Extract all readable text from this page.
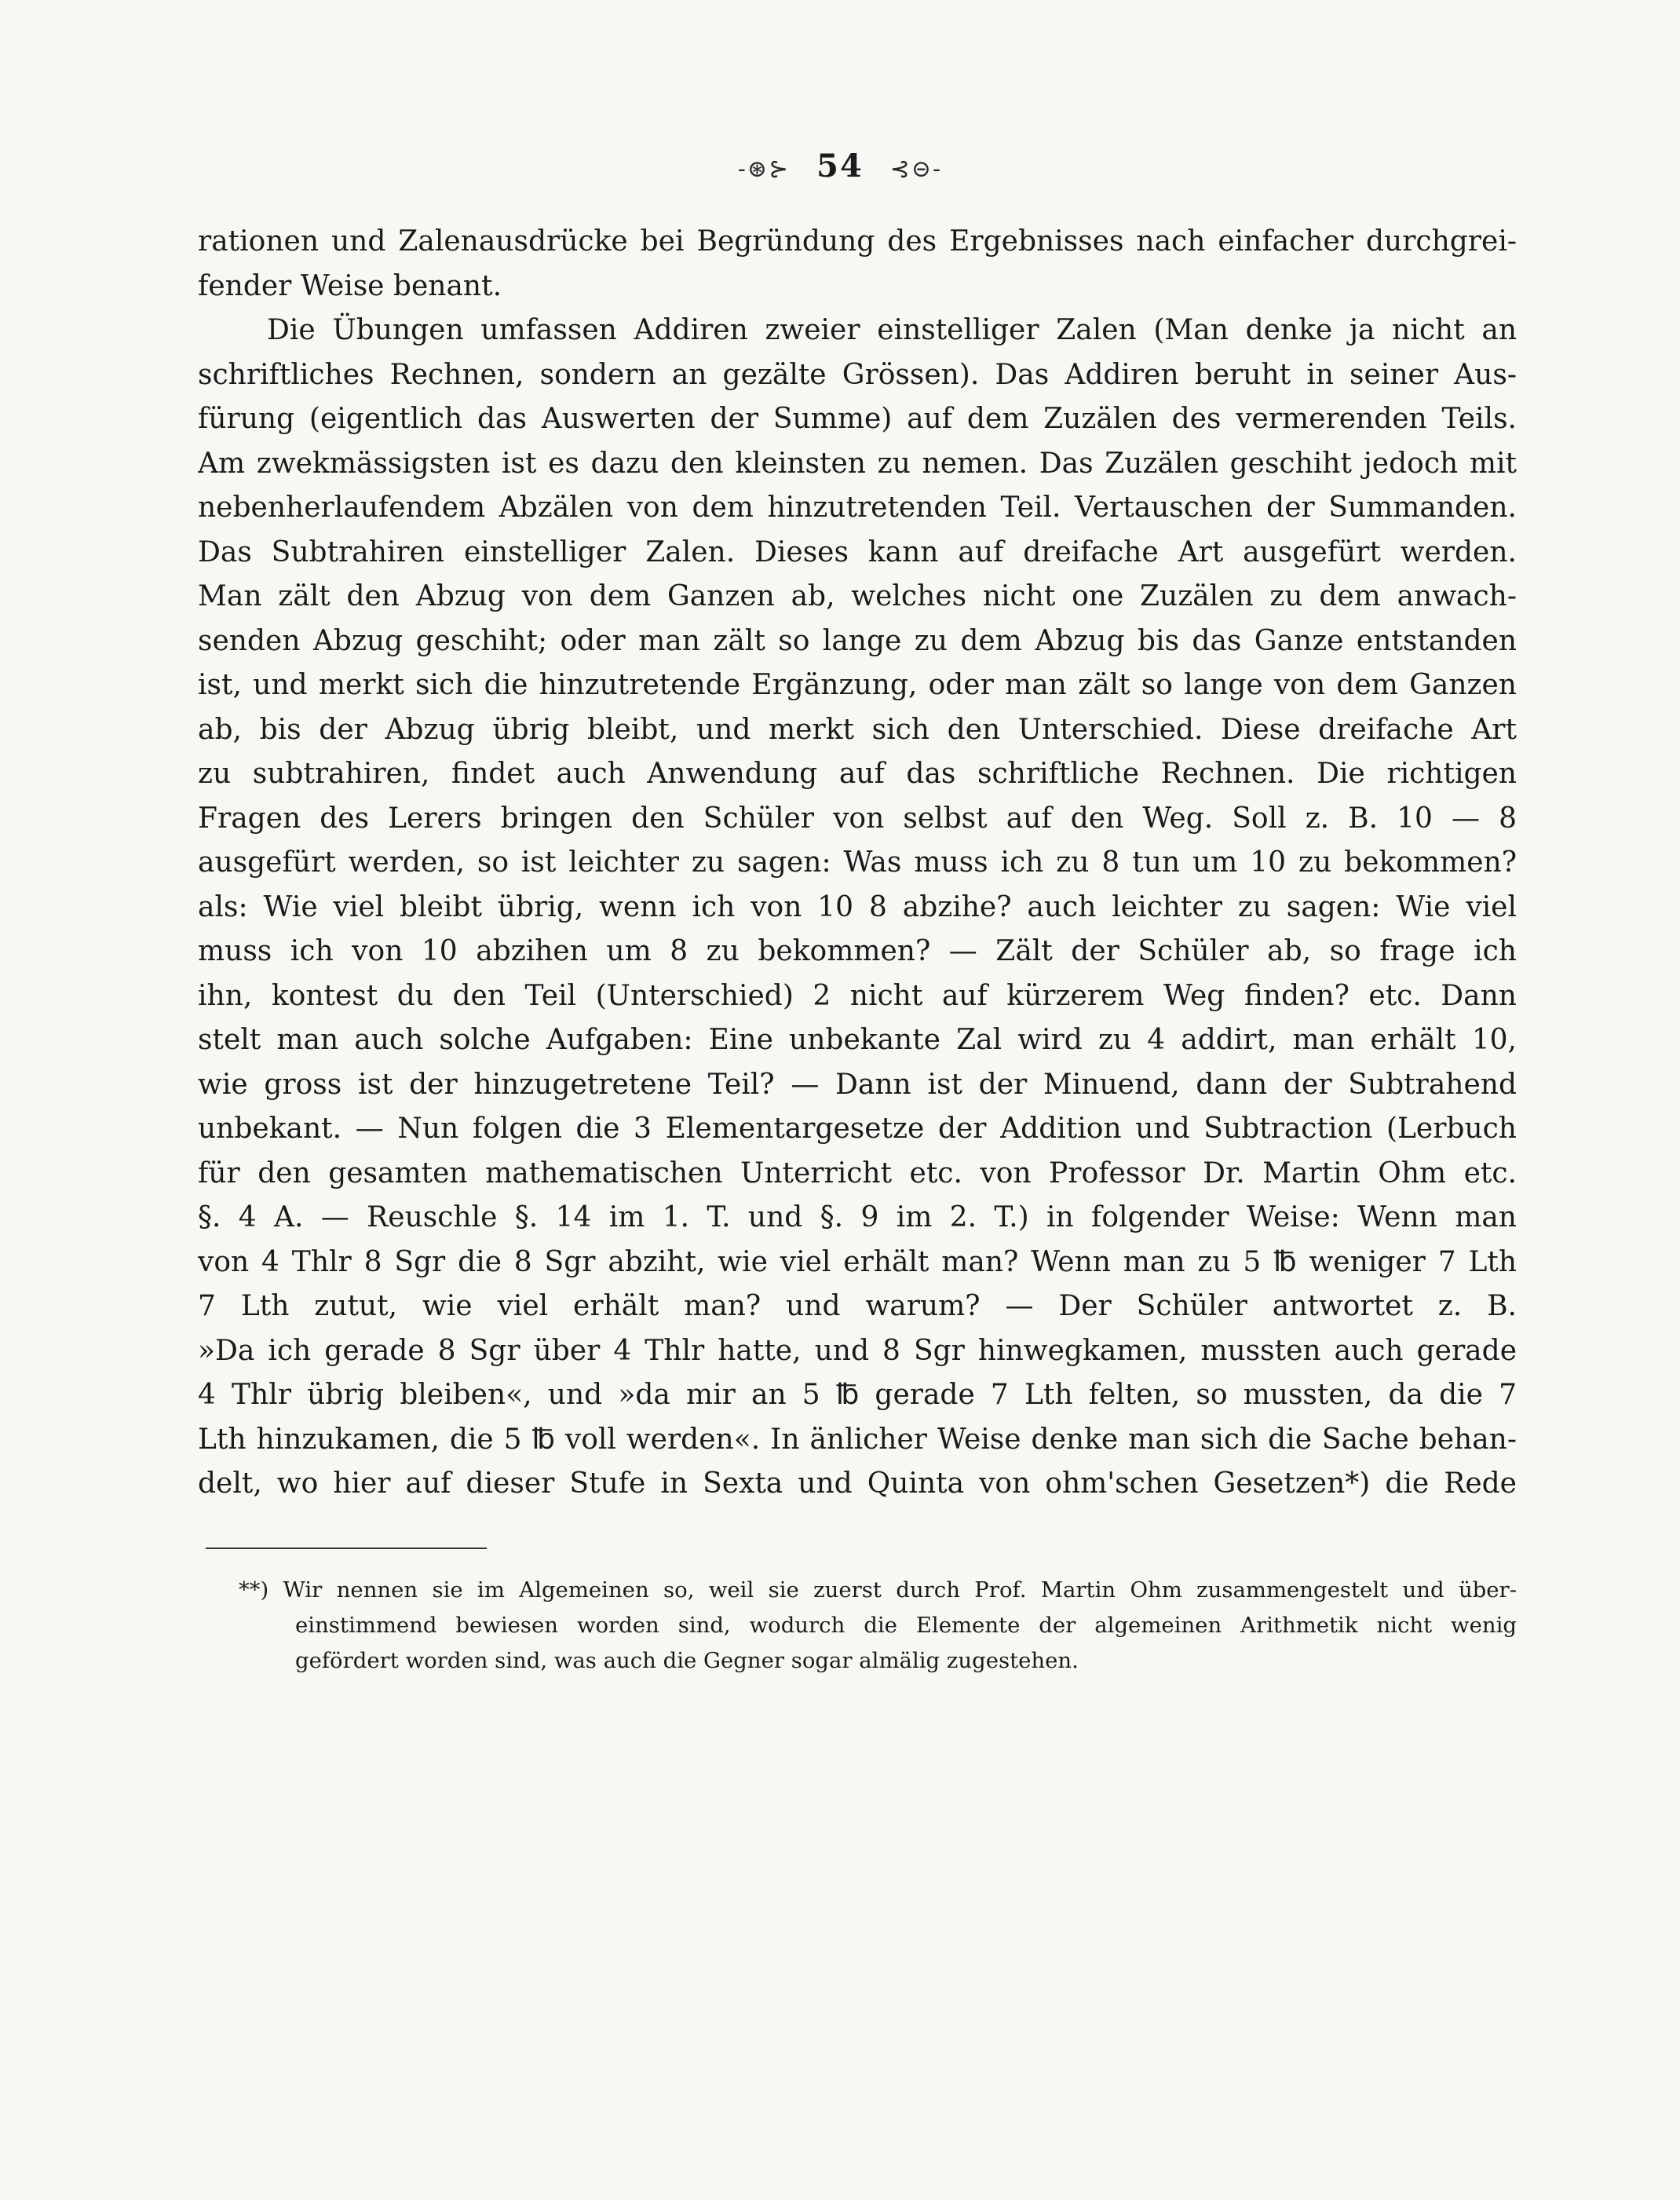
-⊛⊱ 54 ⊰⊝-
rationen und Zalenausdrücke bei Begründung des Ergebnisses nach einfacher durchgrei-
fender Weise benant.
Die Übungen umfassen Addiren zweier einstelliger Zalen (Man denke ja nicht an
schriftliches Rechnen, sondern an gezälte Grössen). Das Addiren beruht in seiner Aus-
fürung (eigentlich das Auswerten der Summe) auf dem Zuzälen des vermerenden Teils.
Am zwekmässigsten ist es dazu den kleinsten zu nemen. Das Zuzälen geschiht jedoch mit
nebenherlaufendem Abzälen von dem hinzutretenden Teil. Vertauschen der Summanden.
Das Subtrahiren einstelliger Zalen. Dieses kann auf dreifache Art ausgefürt werden.
Man zält den Abzug von dem Ganzen ab, welches nicht one Zuzälen zu dem anwach-
senden Abzug geschiht; oder man zält so lange zu dem Abzug bis das Ganze entstanden
ist, und merkt sich die hinzutretende Ergänzung, oder man zält so lange von dem Ganzen
ab, bis der Abzug übrig bleibt, und merkt sich den Unterschied. Diese dreifache Art
zu subtrahiren, findet auch Anwendung auf das schriftliche Rechnen. Die richtigen
Fragen des Lerers bringen den Schüler von selbst auf den Weg. Soll z. B. 10 — 8
ausgefürt werden, so ist leichter zu sagen: Was muss ich zu 8 tun um 10 zu bekommen?
als: Wie viel bleibt übrig, wenn ich von 10 8 abzihe? auch leichter zu sagen: Wie viel
muss ich von 10 abzihen um 8 zu bekommen? — Zält der Schüler ab, so frage ich
ihn, kontest du den Teil (Unterschied) 2 nicht auf kürzerem Weg finden? etc. Dann
stelt man auch solche Aufgaben: Eine unbekante Zal wird zu 4 addirt, man erhält 10,
wie gross ist der hinzugetretene Teil? — Dann ist der Minuend, dann der Subtrahend
unbekant. — Nun folgen die 3 Elementargesetze der Addition und Subtraction (Lerbuch
für den gesamten mathematischen Unterricht etc. von Professor Dr. Martin Ohm etc.
§. 4 A. — Reuschle §. 14 im 1. T. und §. 9 im 2. T.) in folgender Weise: Wenn man
von 4 Thlr 8 Sgr die 8 Sgr abziht, wie viel erhält man? Wenn man zu 5 ℔ weniger 7 Lth
7 Lth zutut, wie viel erhält man? und warum? — Der Schüler antwortet z. B.
»Da ich gerade 8 Sgr über 4 Thlr hatte, und 8 Sgr hinwegkamen, mussten auch gerade
4 Thlr übrig bleiben«, und »da mir an 5 ℔ gerade 7 Lth felten, so mussten, da die 7
Lth hinzukamen, die 5 ℔ voll werden«. In änlicher Weise denke man sich die Sache behan-
delt, wo hier auf dieser Stufe in Sexta und Quinta von ohm'schen Gesetzen*) die Rede
**) Wir nennen sie im Algemeinen so, weil sie zuerst durch Prof. Martin Ohm zusammengestelt und über-
einstimmend bewiesen worden sind, wodurch die Elemente der algemeinen Arithmetik nicht wenig
gefördert worden sind, was auch die Gegner sogar almälig zugestehen.
